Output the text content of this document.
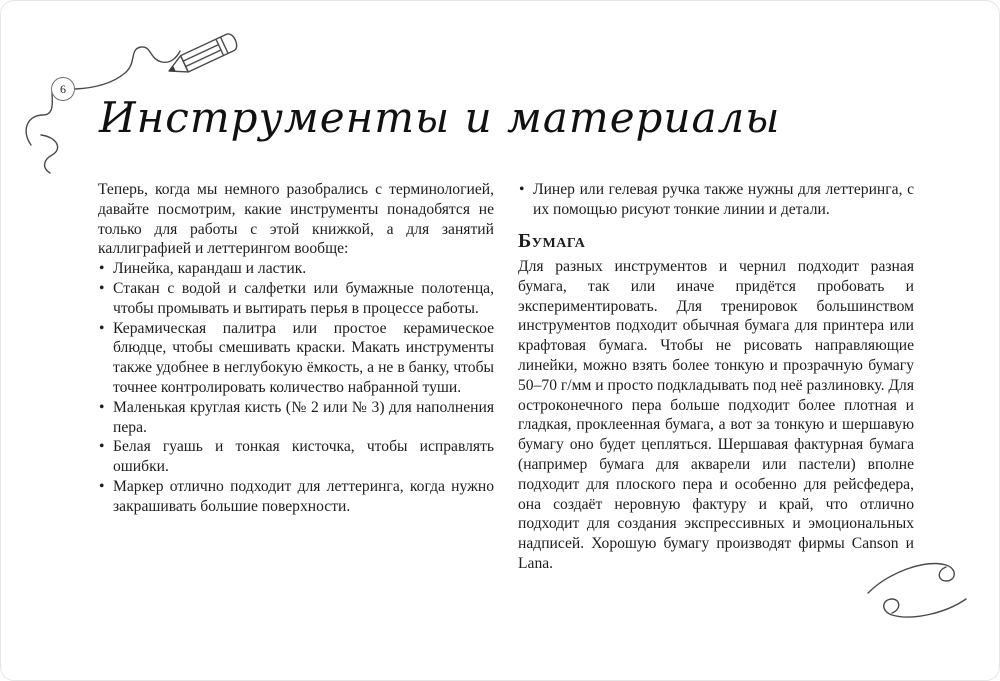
6
Инструменты и материалы

Теперь, когда мы немного разобрались с терминологией, давайте посмотрим, какие инструменты понадобятся не только для работы с этой книжкой, а для занятий каллиграфией и леттерингом вообще:

• Линейка, карандаш и ластик.
• Стакан с водой и салфетки или бумажные полотенца, чтобы промывать и вытирать перья в процессе работы.
• Керамическая палитра или простое керамическое блюдце, чтобы смешивать краски. Макать инструменты также удобнее в неглубокую ёмкость, а не в банку, чтобы точнее контролировать количество набранной туши.
• Маленькая круглая кисть (№ 2 или № 3) для наполнения пера.
• Белая гуашь и тонкая кисточка, чтобы исправлять ошибки.
• Маркер отлично подходит для леттеринга, когда нужно закрашивать большие поверхности.
• Линер или гелевая ручка также нужны для леттеринга, с их помощью рисуют тонкие линии и детали.
Бумага

Для разных инструментов и чернил подходит разная бумага, так или иначе придётся пробовать и экспериментировать. Для тренировок большинством инструментов подходит обычная бумага для принтера или крафтовая бумага. Чтобы не рисовать направляющие линейки, можно взять более тонкую и прозрачную бумагу 50–70 г/мм и просто подкладывать под неё разлиновку. Для остроконечного пера больше подходит более плотная и гладкая, проклеенная бумага, а вот за тонкую и шершавую бумагу оно будет цепляться. Шершавая фактурная бумага (например бумага для акварели или пастели) вполне подходит для плоского пера и особенно для рейсфедера, она создаёт неровную фактуру и край, что отлично подходит для создания экспрессивных и эмоциональных надписей. Хорошую бумагу производят фирмы Canson и Lana.
